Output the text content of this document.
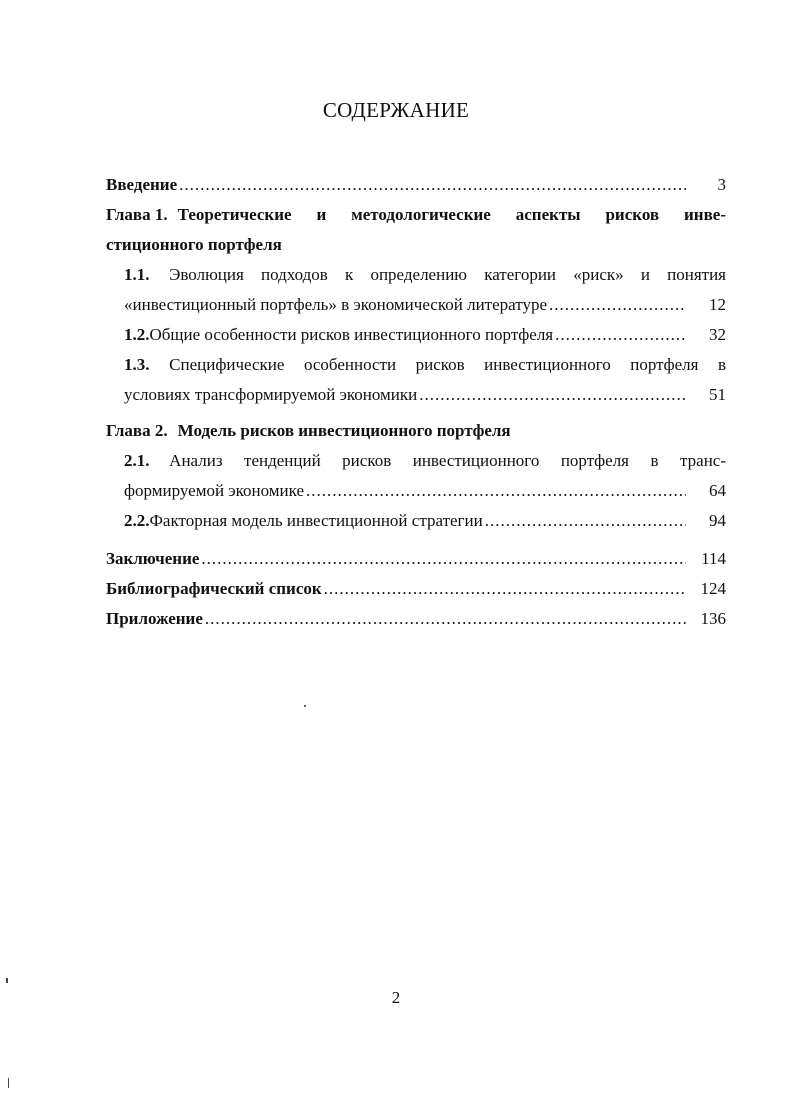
СОДЕРЖАНИЕ
Введение .....	3
Глава 1. Теоретические и методологические аспекты рисков инве-
стиционного портфеля
1.1.	Эволюция подходов к определению категории «риск» и понятия
«инвестиционный портфель» в экономической литературе .....	12
1.2. Общие особенности рисков инвестиционного портфеля .....	32
1.3.	Специфические особенности рисков инвестиционного портфеля в
условиях трансформируемой экономики .....	51
Глава 2. Модель рисков инвестиционного портфеля
2.1.	Анализ тенденций рисков инвестиционного портфеля в транс-
формируемой экономике .....	64
2.2. Факторная модель инвестиционной стратегии .....	94
Заключение .....	114
Библиографический список .....	124
Приложение .....	136
2
